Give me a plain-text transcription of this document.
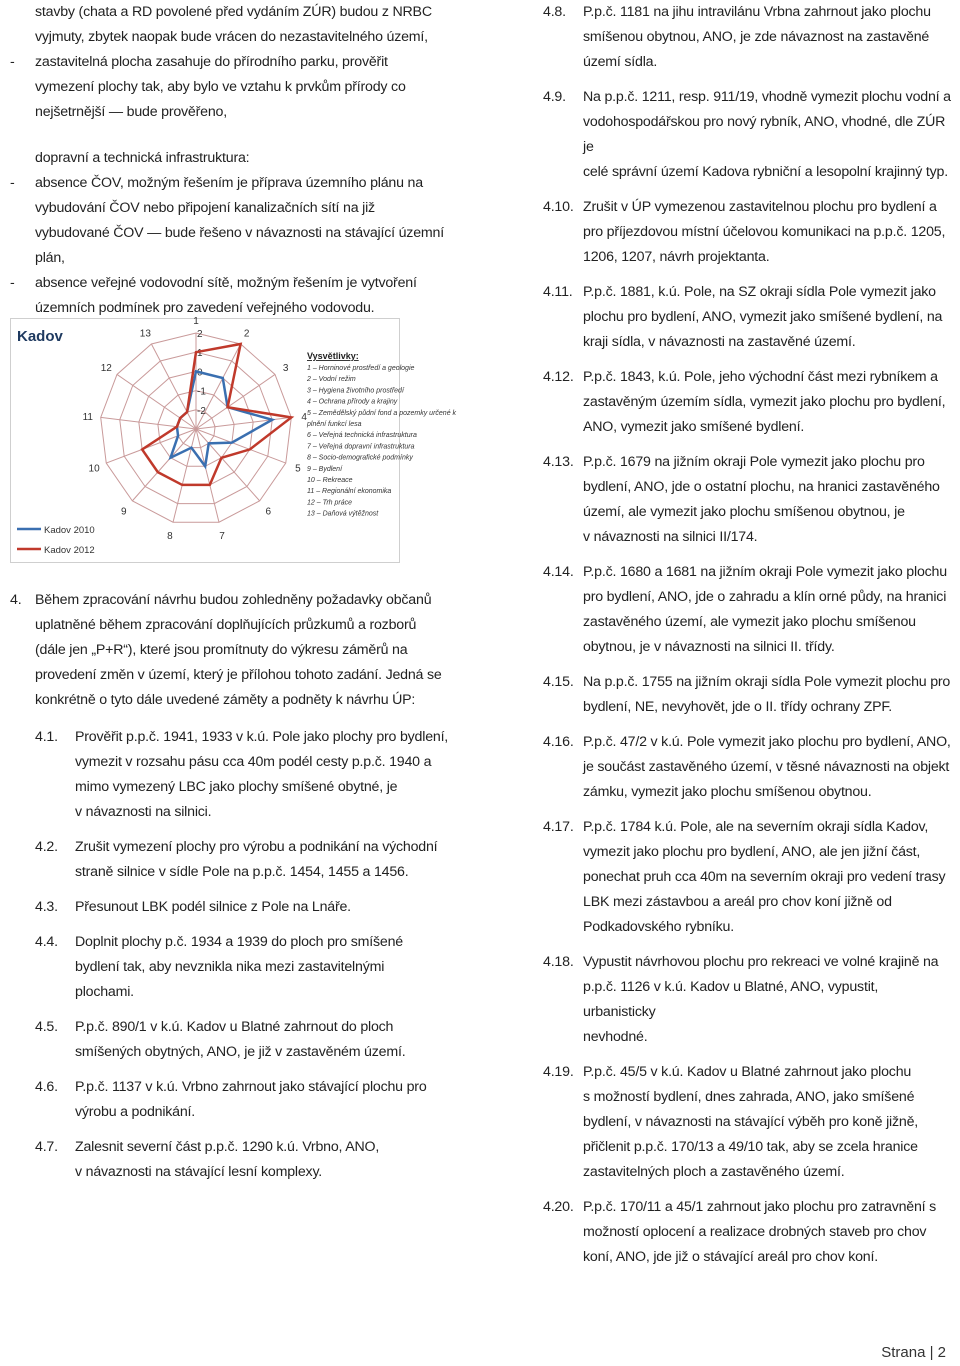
stavby (chata a RD povolené před vydáním ZÚR) budou z NRBC
vyjmuty, zbytek naopak bude vrácen do nezastavitelného území,
- zastavitelná plocha zasahuje do přírodního parku, prověřit
vymezení plochy tak, aby bylo ve vztahu k prvkům přírody co
nejšetrnější — bude prověřeno,
dopravní a technická infrastruktura:
- absence ČOV, možným řešením je příprava územního plánu na
vybudování ČOV nebo připojení kanalizačních sítí na již
vybudované ČOV — bude řešeno v návaznosti na stávající územní
plán,
- absence veřejné vodovodní sítě, možným řešením je vytvoření
územních podmínek pro zavedení veřejného vodovodu.
2
1
0
-1
-2
1
2
3
4
5
6
7
8
9
10
11
12
13
Kadov
Kadov 2010
Kadov 2012
Vysvětlivky:
1 – Horninové prostředí a geologie
2 – Vodní režim
3 – Hygiena životního prostředí
4 – Ochrana přírody a krajiny
5 – Zemědělský půdní fond a pozemky určené k
plnění funkcí lesa
6 – Veřejná technická infrastruktura
7 – Veřejná dopravní infrastruktura
8 – Socio-demografické podmínky
9 – Bydlení
10 – Rekreace
11 – Regionální ekonomika
12 – Trh práce
13 – Daňová výtěžnost
4. Během zpracování návrhu budou zohledněny požadavky občanů
uplatněné během zpracování doplňujících průzkumů a rozborů
(dále jen „P+R“), které jsou promítnuty do výkresu záměrů na
provedení změn v území, který je přílohou tohoto zadání. Jedná se
konkrétně o tyto dále uvedené záměty a podněty k návrhu ÚP:
4.1. Prověřit p.p.č. 1941, 1933 v k.ú. Pole jako plochy pro bydlení,
vymezit v rozsahu pásu cca 40m podél cesty p.p.č. 1940 a
mimo vymezený LBC jako plochy smíšené obytné, je
v návaznosti na silnici.
4.2. Zrušit vymezení plochy pro výrobu a podnikání na východní
straně silnice v sídle Pole na p.p.č. 1454, 1455 a 1456.
4.3. Přesunout LBK podél silnice z Pole na Lnáře.
4.4. Doplnit plochy p.č. 1934 a 1939 do ploch pro smíšené
bydlení tak, aby nevznikla nika mezi zastavitelnými
plochami.
4.5. P.p.č. 890/1 v k.ú. Kadov u Blatné zahrnout do ploch
smíšených obytných, ANO, je již v zastavěném území.
4.6. P.p.č. 1137 v k.ú. Vrbno zahrnout jako stávající plochu pro
výrobu a podnikání.
4.7. Zalesnit severní část p.p.č. 1290 k.ú. Vrbno, ANO,
v návaznosti na stávající lesní komplexy.
4.8. P.p.č. 1181 na jihu intravilánu Vrbna zahrnout jako plochu
smíšenou obytnou, ANO, je zde návaznost na zastavěné
území sídla.
4.9. Na p.p.č. 1211, resp. 911/19, vhodně vymezit plochu vodní a
vodohospodářskou pro nový rybník, ANO, vhodné, dle ZÚR je
celé správní území Kadova rybniční a lesopolní krajinný typ.
4.10. Zrušit v ÚP vymezenou zastavitelnou plochu pro bydlení a
pro příjezdovou místní účelovou komunikaci na p.p.č. 1205,
1206, 1207, návrh projektanta.
4.11. P.p.č. 1881, k.ú. Pole, na SZ okraji sídla Pole vymezit jako
plochu pro bydlení, ANO, vymezit jako smíšené bydlení, na
kraji sídla, v návaznosti na zastavěné území.
4.12. P.p.č. 1843, k.ú. Pole, jeho východní část mezi rybníkem a
zastavěným územím sídla, vymezit jako plochu pro bydlení,
ANO, vymezit jako smíšené bydlení.
4.13. P.p.č. 1679 na jižním okraji Pole vymezit jako plochu pro
bydlení, ANO, jde o ostatní plochu, na hranici zastavěného
území, ale vymezit jako plochu smíšenou obytnou, je
v návaznosti na silnici II/174.
4.14. P.p.č. 1680 a 1681 na jižním okraji Pole vymezit jako plochu
pro bydlení, ANO, jde o zahradu a klín orné půdy, na hranici
zastavěného území, ale vymezit jako plochu smíšenou
obytnou, je v návaznosti na silnici II. třídy.
4.15. Na p.p.č. 1755 na jižním okraji sídla Pole vymezit plochu pro
bydlení, NE, nevyhovět, jde o II. třídy ochrany ZPF.
4.16. P.p.č. 47/2 v k.ú. Pole vymezit jako plochu pro bydlení, ANO,
je součást zastavěného území, v těsné návaznosti na objekt
zámku, vymezit jako plochu smíšenou obytnou.
4.17. P.p.č. 1784 k.ú. Pole, ale na severním okraji sídla Kadov,
vymezit jako plochu pro bydlení, ANO, ale jen jižní část,
ponechat pruh cca 40m na severním okraji pro vedení trasy
LBK mezi zástavbou a areál pro chov koní jižně od
Podkadovského rybníku.
4.18. Vypustit návrhovou plochu pro rekreaci ve volné krajině na
p.p.č. 1126 v k.ú. Kadov u Blatné, ANO, vypustit, urbanisticky
nevhodné.
4.19. P.p.č. 45/5 v k.ú. Kadov u Blatné zahrnout jako plochu
s možností bydlení, dnes zahrada, ANO, jako smíšené
bydlení, v návaznosti na stávající výběh pro koně jižně,
přičlenit p.p.č. 170/13 a 49/10 tak, aby se zcela hranice
zastavitelných ploch a zastavěného území.
4.20. P.p.č. 170/11 a 45/1 zahrnout jako plochu pro zatravnění s
možností oplocení a realizace drobných staveb pro chov
koní, ANO, jde již o stávající areál pro chov koní.
Strana | 2
